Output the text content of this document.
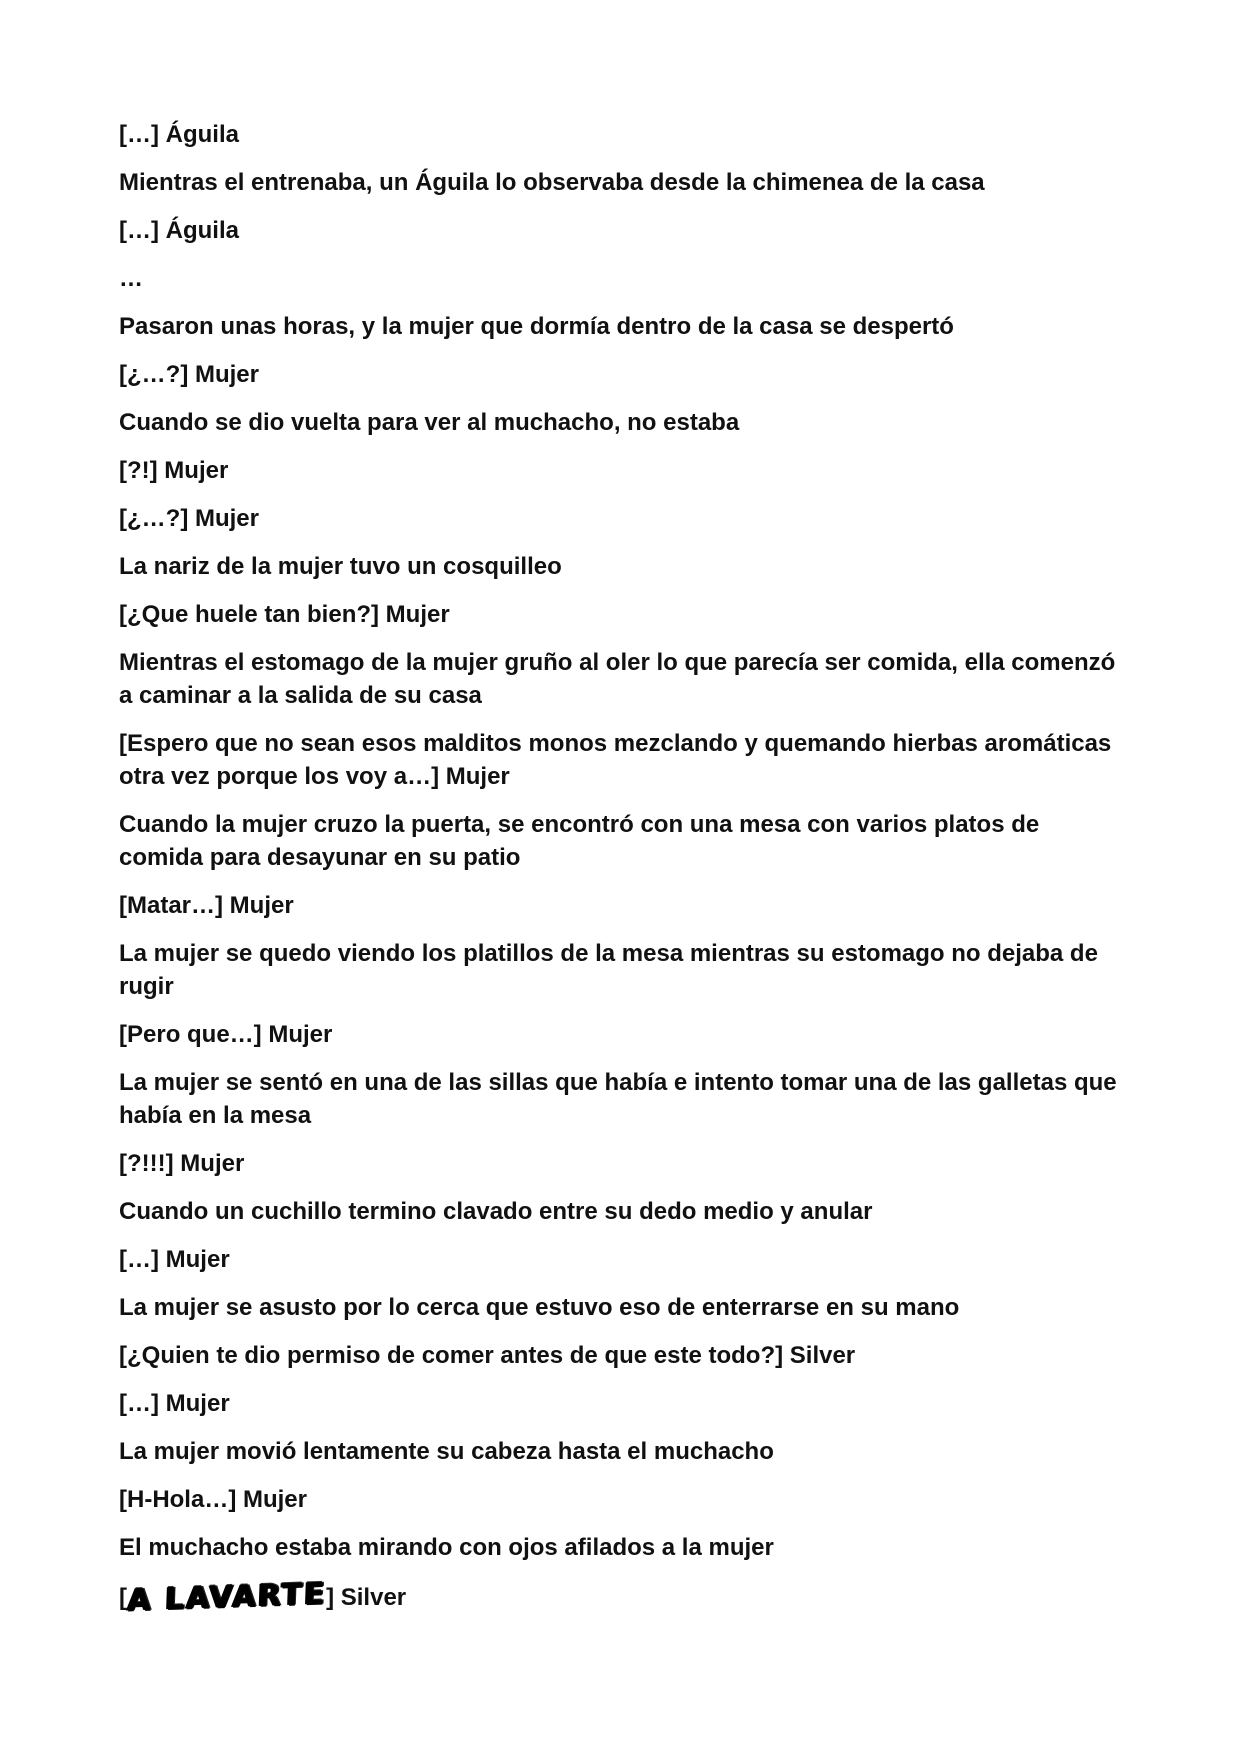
[…] Águila

Mientras el entrenaba, un Águila lo observaba desde la chimenea de la casa

[…] Águila

…

Pasaron unas horas, y la mujer que dormía dentro de la casa se despertó

[¿…?] Mujer

Cuando se dio vuelta para ver al muchacho, no estaba

[?!] Mujer

[¿…?] Mujer

La nariz de la mujer tuvo un cosquilleo

[¿Que huele tan bien?] Mujer

Mientras el estomago de la mujer gruño al oler lo que parecía ser comida, ella comenzó a caminar a la salida de su casa

[Espero que no sean esos malditos monos mezclando y quemando hierbas aromáticas otra vez porque los voy a…] Mujer

Cuando la mujer cruzo la puerta, se encontró con una mesa con varios platos de comida para desayunar en su patio

[Matar…] Mujer

La mujer se quedo viendo los platillos de la mesa mientras su estomago no dejaba de rugir

[Pero que…] Mujer

La mujer se sentó en una de las sillas que había e intento tomar una de las galletas que había en la mesa

[?!!!] Mujer

Cuando un cuchillo termino clavado entre su dedo medio y anular

[…] Mujer

La mujer se asusto por lo cerca que estuvo eso de enterrarse en su mano

[¿Quien te dio permiso de comer antes de que este todo?] Silver

[…] Mujer

La mujer movió lentamente su cabeza hasta el muchacho

[H-Hola…] Mujer

El muchacho estaba mirando con ojos afilados a la mujer

[A LAVARTE] Silver
